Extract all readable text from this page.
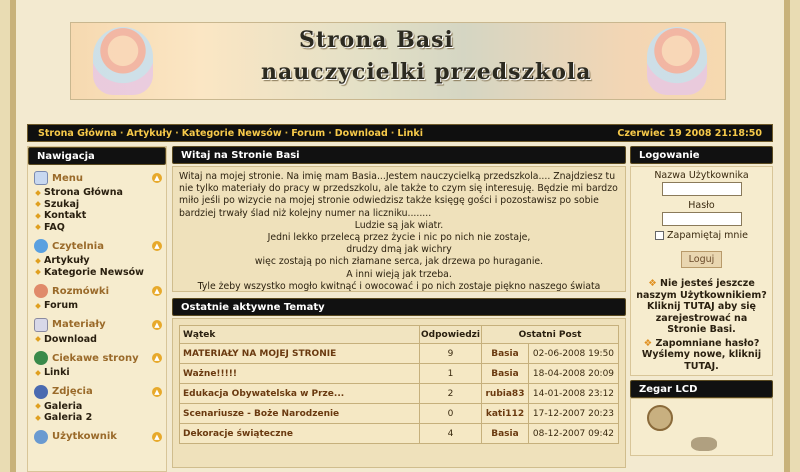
Strona Basi
nauczycielki przedszkola
Strona Główna · Artykuły · Kategorie Newsów · Forum · Download · Linki	Czerwiec 19 2008 21:18:50
Nawigacja
Menu	▲
Strona Główna
Szukaj
Kontakt
FAQ
Czytelnia	▲
Artykuły
Kategorie Newsów
Rozmówki	▲
Forum
Materiały	▲
Download
Ciekawe strony	▲
Linki
Zdjęcia	▲
Galeria
Galeria 2
Użytkownik	▲
Witaj na Stronie Basi
Witaj na mojej stronie. Na imię mam Basia...Jestem nauczycielką przedszkola.... Znajdziesz tu nie tylko materiały do pracy w przedszkolu, ale także to czym się interesuję. Będzie mi bardzo miło jeśli po wizycie na mojej stronie odwiedzisz także księgę gości i pozostawisz po sobie bardziej trwały ślad niż kolejny numer na liczniku........
Ludzie są jak wiatr.
Jedni lekko przelecą przez życie i nic po nich nie zostaje,
drudzy dmą jak wichry
więc zostają po nich złamane serca, jak drzewa po huraganie.
A inni wieją jak trzeba.
Tyle żeby wszystko mogło kwitnąć i owocować i po nich zostaje piękno naszego świata
Ostatnie aktywne Tematy
Wątek	Odpowiedzi	Ostatni Post	
MATERIAŁY NA MOJEJ STRONIE	9	Basia	02-06-2008 19:50
Ważne!!!!!	1	Basia	18-04-2008 20:09
Edukacja Obywatelska w Prze...	2	rubia83	14-01-2008 23:12
Scenariusze - Boże Narodzenie	0	kati112	17-12-2007 20:23
Dekoracje świąteczne	4	Basia	08-12-2007 09:42
Logowanie
Nazwa Użytkownika
Hasło
Zapamiętaj mnie
Loguj
❖ Nie jesteś jeszcze naszym Użytkownikiem? Kliknij TUTAJ aby się zarejestrować na Stronie Basi.
❖ Zapomniane hasło? Wyślemy nowe, kliknij TUTAJ.
Zegar LCD
